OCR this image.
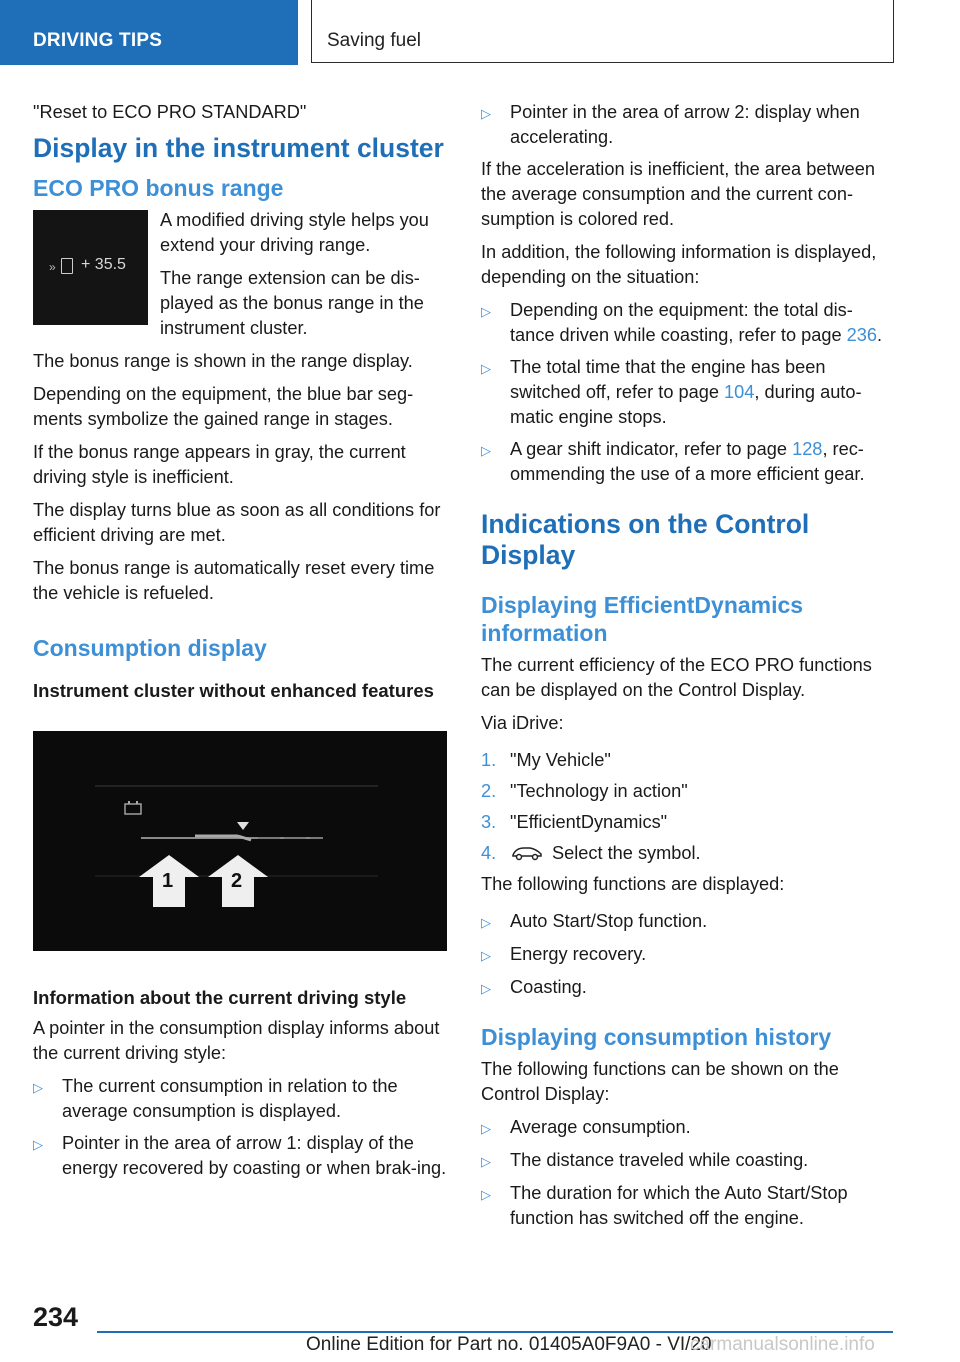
DRIVING TIPS	Saving fuel

"Reset to ECO PRO STANDARD"

Display in the instrument cluster
ECO PRO bonus range
» + 35.5

A modified driving style helps you extend your driving range.

The range extension can be dis‐played as the bonus range in the instrument cluster.

The bonus range is shown in the range display.

Depending on the equipment, the blue bar seg‐ments symbolize the gained range in stages.

If the bonus range appears in gray, the current driving style is inefficient.

The display turns blue as soon as all conditions for efficient driving are met.

The bonus range is automatically reset every time the vehicle is refueled.

Consumption display
Instrument cluster without enhanced features
1	2
Information about the current driving style

A pointer in the consumption display informs about the current driving style:

▷	The current consumption in relation to the average consumption is displayed.
▷	Pointer in the area of arrow 1: display of the energy recovered by coasting or when brak‐ing.
▷	Pointer in the area of arrow 2: display when accelerating.

If the acceleration is inefficient, the area between the average consumption and the current con‐sumption is colored red.

In addition, the following information is displayed, depending on the situation:

▷	Depending on the equipment: the total dis‐tance driven while coasting, refer to page 236.
▷	The total time that the engine has been switched off, refer to page 104, during auto‐matic engine stops.
▷	A gear shift indicator, refer to page 128, rec‐ommending the use of a more efficient gear.
Indications on the Control Display
Displaying EfficientDynamics information

The current efficiency of the ECO PRO functions can be displayed on the Control Display.

Via iDrive:

1. "My Vehicle"
2. "Technology in action"
3. "EfficientDynamics"
4.	Select the symbol.

The following functions are displayed:

▷	Auto Start/Stop function.
▷	Energy recovery.
▷	Coasting.
Displaying consumption history

The following functions can be shown on the Control Display:

▷	Average consumption.
▷	The distance traveled while coasting.
▷	The duration for which the Auto Start/Stop function has switched off the engine.
234
Online Edition for Part no. 01405A0F9A0 - VI/20
carmanualsonline.info
